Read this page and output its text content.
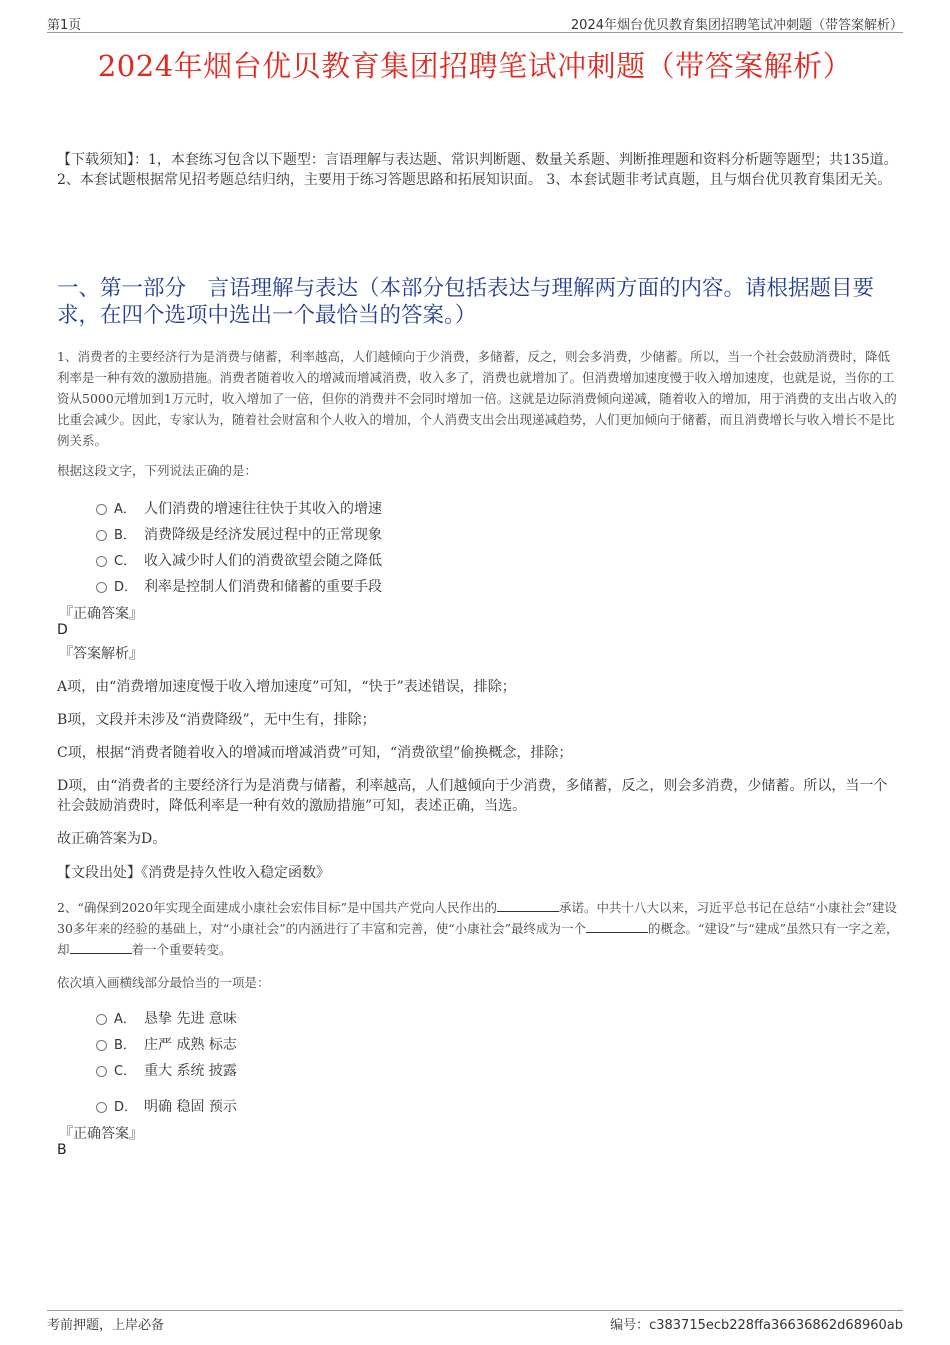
第1页	2024年烟台优贝教育集团招聘笔试冲刺题（带答案解析）
2024年烟台优贝教育集团招聘笔试冲刺题（带答案解析）
【下载须知】：1，本套练习包含以下题型：言语理解与表达题、常识判断题、数量关系题、判断推理题和资料分析题等题型；共135道。 2、本套试题根据常见招考题总结归纳，主要用于练习答题思路和拓展知识面。 3、本套试题非考试真题，且与烟台优贝教育集团无关。
一、第一部分　言语理解与表达（本部分包括表达与理解两方面的内容。请根据题目要求，在四个选项中选出一个最恰当的答案。）
1、消费者的主要经济行为是消费与储蓄，利率越高，人们越倾向于少消费，多储蓄，反之，则会多消费，少储蓄。所以，当一个社会鼓励消费时，降低利率是一种有效的激励措施。消费者随着收入的增减而增减消费，收入多了，消费也就增加了。但消费增加速度慢于收入增加速度，也就是说，当你的工资从5000元增加到1万元时，收入增加了一倍，但你的消费并不会同时增加一倍。这就是边际消费倾向递减，随着收入的增加，用于消费的支出占收入的比重会减少。因此，专家认为，随着社会财富和个人收入的增加，个人消费支出会出现递减趋势，人们更加倾向于储蓄，而且消费增长与收入增长不是比例关系。
根据这段文字，下列说法正确的是：
A． 人们消费的增速往往快于其收入的增速
B． 消费降级是经济发展过程中的正常现象
C． 收入减少时人们的消费欲望会随之降低
D． 利率是控制人们消费和储蓄的重要手段
『正确答案』
D
『答案解析』
A项，由“消费增加速度慢于收入增加速度”可知，“快于”表述错误，排除；
B项，文段并未涉及“消费降级”，无中生有，排除；
C项，根据“消费者随着收入的增减而增减消费”可知，“消费欲望”偷换概念，排除；
D项，由“消费者的主要经济行为是消费与储蓄，利率越高，人们越倾向于少消费，多储蓄，反之，则会多消费，少储蓄。所以，当一个社会鼓励消费时，降低利率是一种有效的激励措施”可知，表述正确，当选。
故正确答案为D。
【文段出处】《消费是持久性收入稳定函数》
2、“确保到2020年实现全面建成小康社会宏伟目标”是中国共产党向人民作出的	承诺。中共十八大以来，习近平总书记在总结“小康社会”建设30多年来的经验的基础上，对“小康社会”的内涵进行了丰富和完善，使“小康社会”最终成为一个	的概念。“建设”与“建成”虽然只有一字之差，却	着一个重要转变。
依次填入画横线部分最恰当的一项是：
A． 恳挚 先进 意味
B． 庄严 成熟 标志
C． 重大 系统 披露
D． 明确 稳固 预示
『正确答案』
B
考前押题，上岸必备	编号：c383715ecb228ffa36636862d68960ab
